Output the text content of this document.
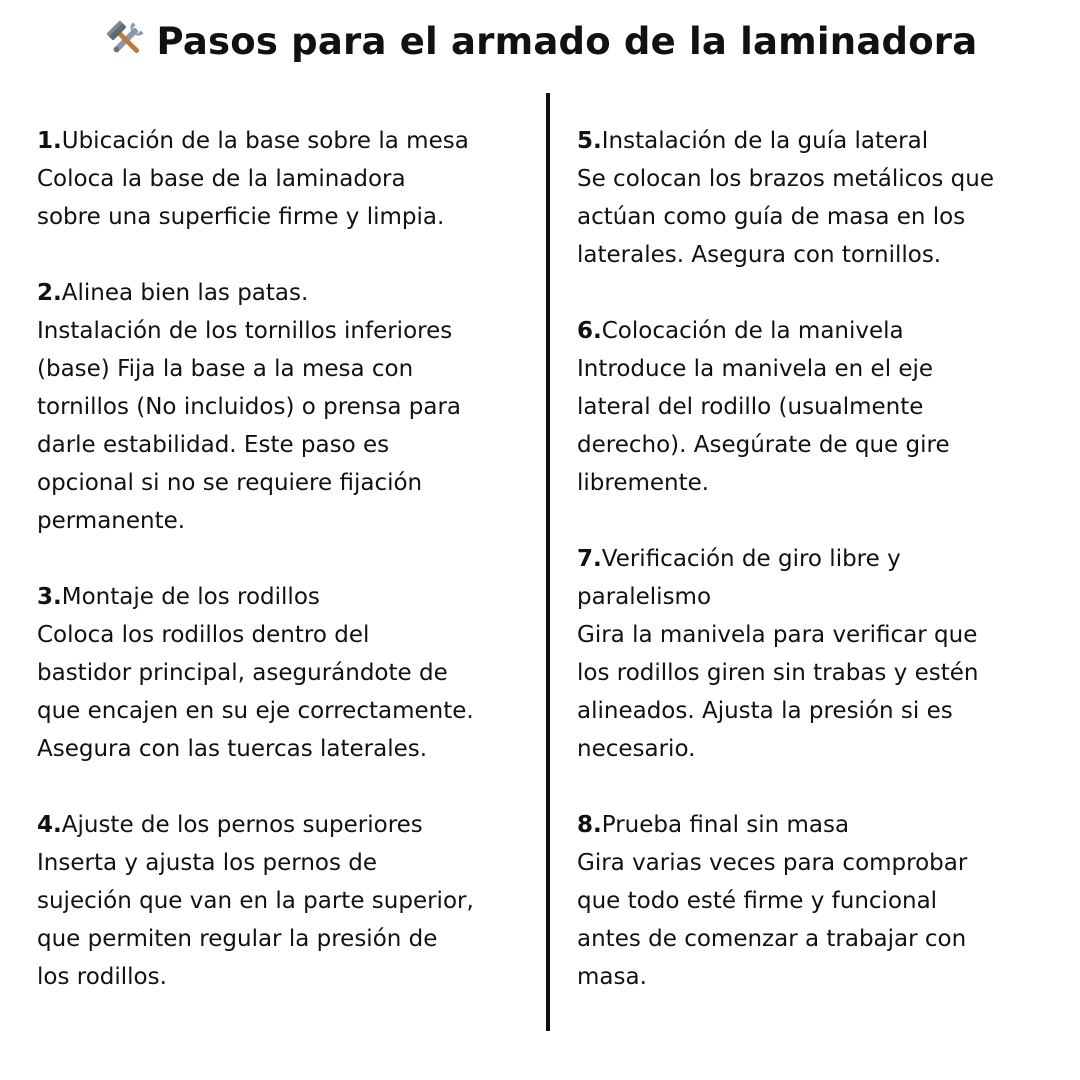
Pasos para el armado de la laminadora
1.Ubicación de la base sobre la mesa
Coloca la base de la laminadora
sobre una superficie firme y limpia.
2.Alinea bien las patas.
Instalación de los tornillos inferiores
(base) Fija la base a la mesa con
tornillos (No incluidos) o prensa para
darle estabilidad. Este paso es
opcional si no se requiere fijación
permanente.
3.Montaje de los rodillos
Coloca los rodillos dentro del
bastidor principal, asegurándote de
que encajen en su eje correctamente.
Asegura con las tuercas laterales.
4.Ajuste de los pernos superiores
Inserta y ajusta los pernos de
sujeción que van en la parte superior,
que permiten regular la presión de
los rodillos.
5.Instalación de la guía lateral
Se colocan los brazos metálicos que
actúan como guía de masa en los
laterales. Asegura con tornillos.
6.Colocación de la manivela
Introduce la manivela en el eje
lateral del rodillo (usualmente
derecho). Asegúrate de que gire
libremente.
7.Verificación de giro libre y
paralelismo
Gira la manivela para verificar que
los rodillos giren sin trabas y estén
alineados. Ajusta la presión si es
necesario.
8.Prueba final sin masa
Gira varias veces para comprobar
que todo esté firme y funcional
antes de comenzar a trabajar con
masa.
